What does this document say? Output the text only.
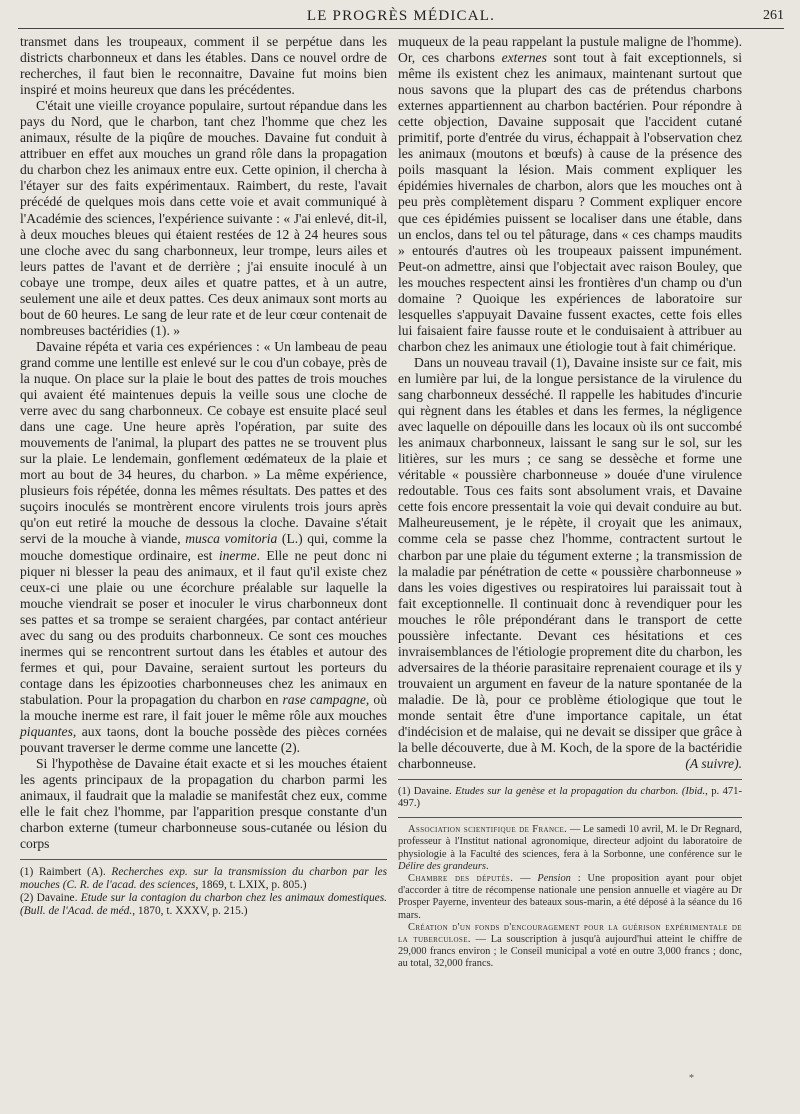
LE PROGRÈS MÉDICAL.	261

transmet dans les troupeaux, comment il se perpétue dans les districts charbonneux et dans les étables. Dans ce nouvel ordre de recherches, il faut bien le reconnaitre, Davaine fut moins bien inspiré et moins heureux que dans les précédentes.

C'était une vieille croyance populaire, surtout répandue dans les pays du Nord, que le charbon, tant chez l'homme que chez les animaux, résulte de la piqûre de mouches. Davaine fut conduit à attribuer en effet aux mouches un grand rôle dans la propagation du charbon chez les animaux entre eux. Cette opinion, il chercha à l'étayer sur des faits expérimentaux. Raimbert, du reste, l'avait précédé de quelques mois dans cette voie et avait communiqué à l'Académie des sciences, l'expérience suivante : « J'ai enlevé, dit-il, à deux mouches bleues qui étaient restées de 12 à 24 heures sous une cloche avec du sang charbonneux, leur trompe, leurs ailes et leurs pattes de l'avant et de derrière ; j'ai ensuite inoculé à un cobaye une trompe, deux ailes et quatre pattes, et à un autre, seulement une aile et deux pattes. Ces deux animaux sont morts au bout de 60 heures. Le sang de leur rate et de leur cœur contenait de nombreuses bactéridies (1). »

Davaine répéta et varia ces expériences : « Un lambeau de peau grand comme une lentille est enlevé sur le cou d'un cobaye, près de la nuque. On place sur la plaie le bout des pattes de trois mouches qui avaient été maintenues depuis la veille sous une cloche de verre avec du sang charbonneux. Ce cobaye est ensuite placé seul dans une cage. Une heure après l'opération, par suite des mouvements de l'animal, la plupart des pattes ne se trouvent plus sur la plaie. Le lendemain, gonflement œdémateux de la plaie et mort au bout de 34 heures, du charbon. » La même expérience, plusieurs fois répétée, donna les mêmes résultats. Des pattes et des suçoirs inoculés se montrèrent encore virulents trois jours après qu'on eut retiré la mouche de dessous la cloche. Davaine s'était servi de la mouche à viande, musca vomitoria (L.) qui, comme la mouche domestique ordinaire, est inerme. Elle ne peut donc ni piquer ni blesser la peau des animaux, et il faut qu'il existe chez ceux-ci une plaie ou une écorchure préalable sur laquelle la mouche viendrait se poser et inoculer le virus charbonneux dont ses pattes et sa trompe se seraient chargées, par contact antérieur avec du sang ou des produits charbonneux. Ce sont ces mouches inermes qui se rencontrent surtout dans les étables et autour des fermes et qui, pour Davaine, seraient surtout les porteurs du contage dans les épizooties charbonneuses chez les animaux en stabulation. Pour la propagation du charbon en rase campagne, où la mouche inerme est rare, il fait jouer le même rôle aux mouches piquantes, aux taons, dont la bouche possède des pièces cornées pouvant traverser le derme comme une lancette (2).

Si l'hypothèse de Davaine était exacte et si les mouches étaient les agents principaux de la propagation du charbon parmi les animaux, il faudrait que la maladie se manifestât chez eux, comme elle le fait chez l'homme, par l'apparition presque constante d'un charbon externe (tumeur charbonneuse sous-cutanée ou lésion du corps

(1) Raimbert (A). Recherches exp. sur la transmission du charbon par les mouches (C. R. de l'acad. des sciences, 1869, t. LXIX, p. 805.)

(2) Davaine. Etude sur la contagion du charbon chez les animaux domestiques. (Bull. de l'Acad. de méd., 1870, t. XXXV, p. 215.)

muqueux de la peau rappelant la pustule maligne de l'homme). Or, ces charbons externes sont tout à fait exceptionnels, si même ils existent chez les animaux, maintenant surtout que nous savons que la plupart des cas de prétendus charbons externes appartiennent au charbon bactérien. Pour répondre à cette objection, Davaine supposait que l'accident cutané primitif, porte d'entrée du virus, échappait à l'observation chez les animaux (moutons et bœufs) à cause de la présence des poils masquant la lésion. Mais comment expliquer les épidémies hivernales de charbon, alors que les mouches ont à peu près complètement disparu ? Comment expliquer encore que ces épidémies puissent se localiser dans une étable, dans un enclos, dans tel ou tel pâturage, dans « ces champs maudits » entourés d'autres où les troupeaux paissent impunément. Peut-on admettre, ainsi que l'objectait avec raison Bouley, que les mouches respectent ainsi les frontières d'un champ ou d'un domaine ? Quoique les expériences de laboratoire sur lesquelles s'appuyait Davaine fussent exactes, cette fois elles lui faisaient faire fausse route et le conduisaient à attribuer au charbon chez les animaux une étiologie tout à fait chimérique.

Dans un nouveau travail (1), Davaine insiste sur ce fait, mis en lumière par lui, de la longue persistance de la virulence du sang charbonneux desséché. Il rappelle les habitudes d'incurie qui règnent dans les étables et dans les fermes, la négligence avec laquelle on dépouille dans les locaux où ils ont succombé les animaux charbonneux, laissant le sang sur le sol, sur les litières, sur les murs ; ce sang se dessèche et forme une véritable « poussière charbonneuse » douée d'une virulence redoutable. Tous ces faits sont absolument vrais, et Davaine cette fois encore pressentait la voie qui devait conduire au but. Malheureusement, je le répète, il croyait que les animaux, comme cela se passe chez l'homme, contractent surtout le charbon par une plaie du tégument externe ; la transmission de la maladie par pénétration de cette « poussière charbonneuse » dans les voies digestives ou respiratoires lui paraissait tout à fait exceptionnelle. Il continuait donc à revendiquer pour les mouches le rôle prépondérant dans le transport de cette poussière infectante. Devant ces hésitations et ces invraisemblances de l'étiologie proprement dite du charbon, les adversaires de la théorie parasitaire reprenaient courage et ils y trouvaient un argument en faveur de la nature spontanée de la maladie. De là, pour ce problème étiologique que tout le monde sentait être d'une importance capitale, un état d'indécision et de malaise, qui ne devait se dissiper que grâce à la belle découverte, due à M. Koch, de la spore de la bactéridie charbonneuse.	(A suivre).

(1) Davaine. Etudes sur la genèse et la propagation du charbon. (Ibid., p. 471-497.)

Association scientifique de France. — Le samedi 10 avril, M. le Dr Regnard, professeur à l'Institut national agronomique, directeur adjoint du laboratoire de physiologie à la Faculté des sciences, fera à la Sorbonne, une conférence sur le Délire des grandeurs.

Chambre des députés. — Pension : Une proposition ayant pour objet d'accorder à titre de récompense nationale une pension annuelle et viagère au Dr Prosper Payerne, inventeur des bateaux sous-marin, a été déposé à la séance du 16 mars.

Création d'un fonds d'encouragement pour la guérison expérimentale de la tuberculose. — La souscription à jusqu'à aujourd'hui atteint le chiffre de 29,000 francs environ ; le Conseil municipal a voté en outre 3,000 francs ; donc, au total, 32,000 francs.

*
